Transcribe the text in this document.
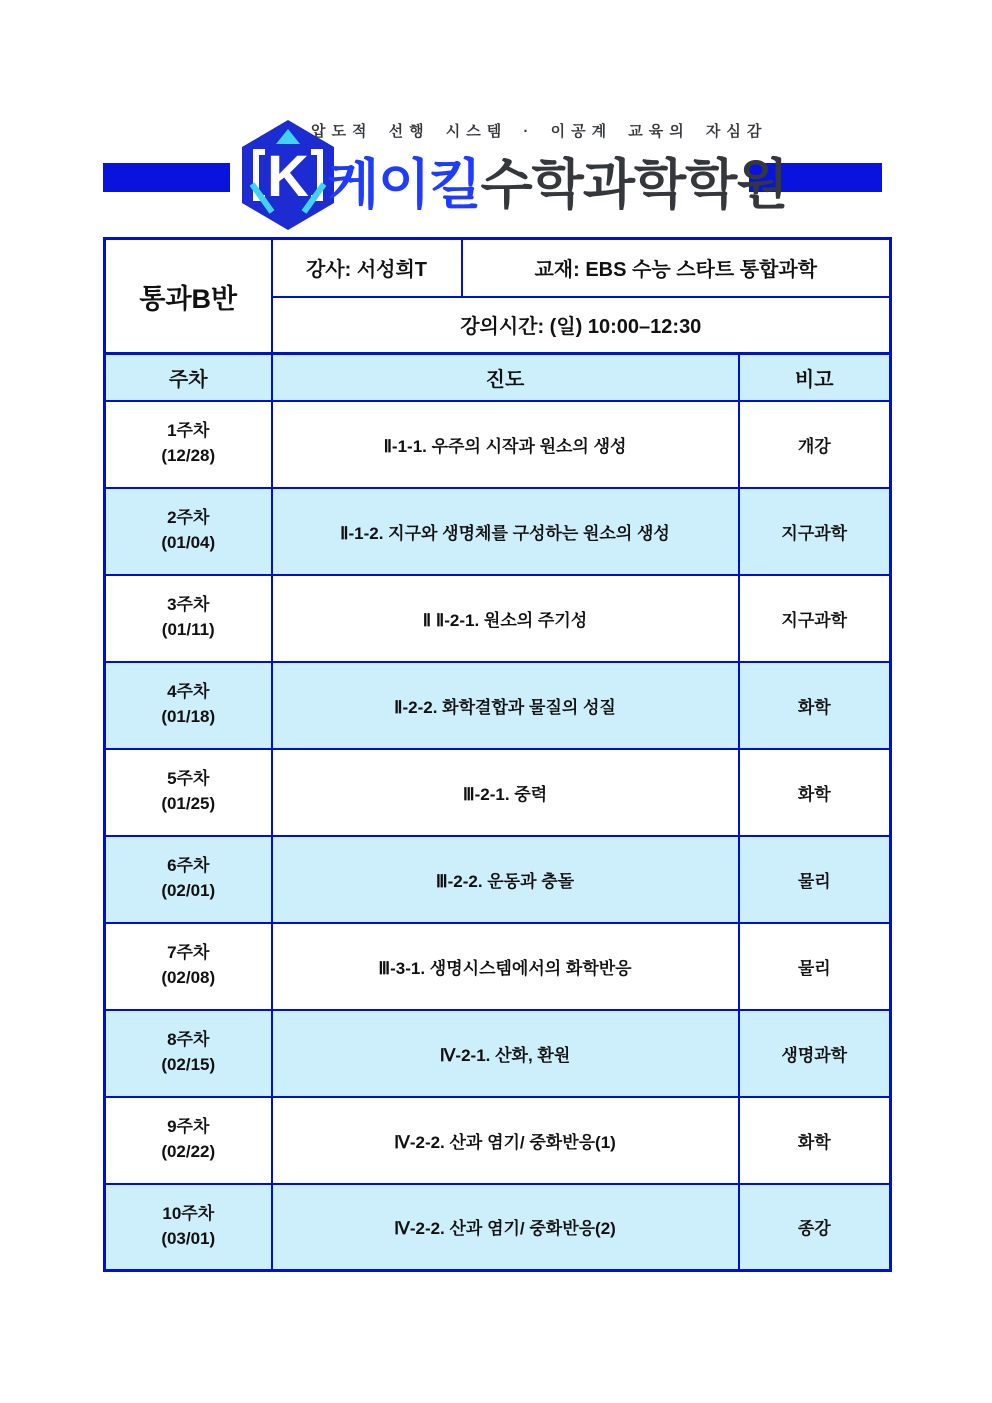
K
압도적 선행 시스템 · 이공계 교육의 자심감
케이킬수학과학학원
통과B반	강사: 서성희T	교재: EBS 수능 스타트 통합과학
강의시간: (일) 10:00–12:30
주차	진도	비고

1주차
(12/28)	Ⅱ-1-1. 우주의 시작과 원소의 생성	개강

2주차
(01/04)	Ⅱ-1-2. 지구와 생명체를 구성하는 원소의 생성	지구과학

3주차
(01/11)	Ⅱ Ⅱ-2-1. 원소의 주기성	지구과학

4주차
(01/18)	Ⅱ-2-2. 화학결합과 물질의 성질	화학

5주차
(01/25)	Ⅲ-2-1. 중력	화학

6주차
(02/01)	Ⅲ-2-2. 운동과 충돌	물리

7주차
(02/08)	Ⅲ-3-1. 생명시스템에서의 화학반응	물리

8주차
(02/15)	Ⅳ-2-1. 산화, 환원	생명과학

9주차
(02/22)	Ⅳ-2-2. 산과 염기/ 중화반응(1)	화학

10주차
(03/01)	Ⅳ-2-2. 산과 염기/ 중화반응(2)	종강
